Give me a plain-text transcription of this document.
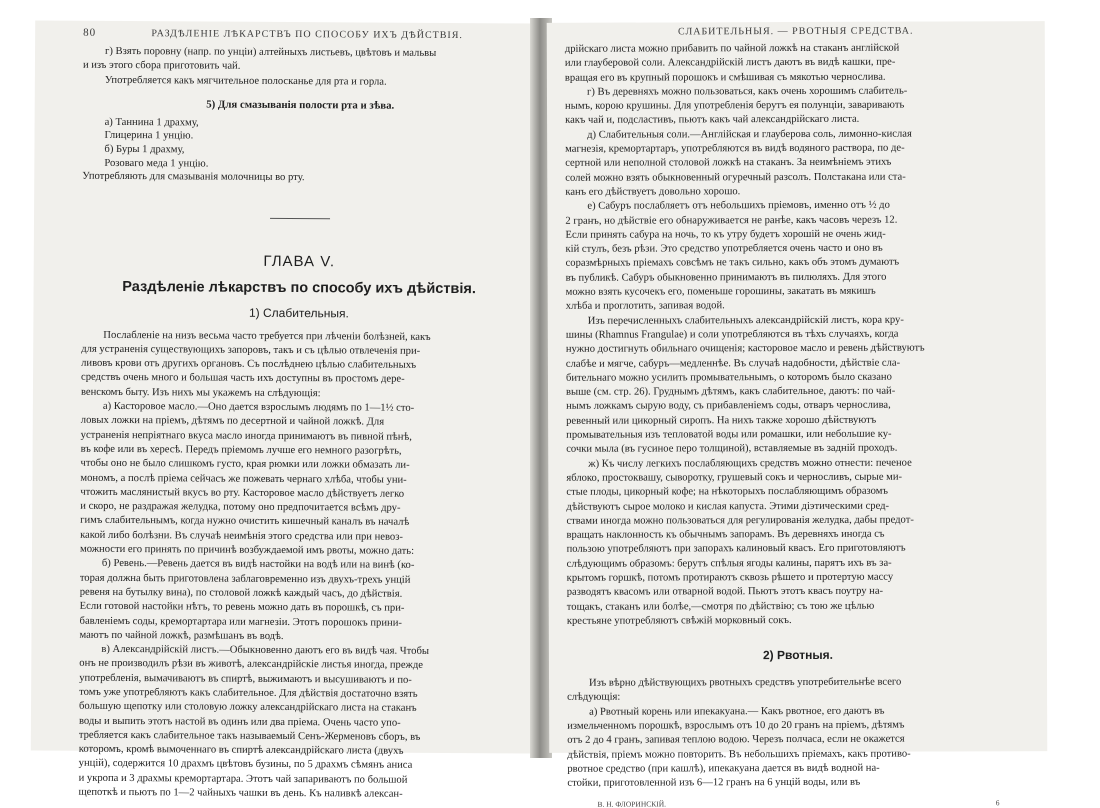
80	РАЗДѢЛЕНІЕ ЛѢКАРСТВЪ ПО СПОСОБУ ИХЪ ДѢЙСТВІЯ.

г) Взять поровну (напр. по унціи) алтейныхъ листьевъ, цвѣтовъ и мальвы

и изъ этого сбора приготовить чай.

Употребляется какъ мягчительное полосканье для рта и горла.

5) Для смазыванія полости рта и зѣва.
а) Таннина 1 драхму,
Глицерина 1 унцію.
б) Буры 1 драхму,
Розоваго меда 1 унцію.

Употребляють для смазыванія молочницы во рту.

ГЛАВА V.
Раздѣленіе лѣкарствъ по способу ихъ дѣйствія.
1) Слабительныя.

Послабленіе на низъ весьма часто требуется при лѣченіи болѣзней, какъ

для устраненія существующихъ запоровъ, такъ и съ цѣлью отвлеченія при-

ливовъ крови отъ другихъ органовъ. Съ послѣднею цѣлью слабительныхъ

средствъ очень много и большая часть ихъ доступны въ простомъ дере-

венскомъ быту. Изъ нихъ мы укажемъ на слѣдующія:

а) Касторовое масло.—Оно дается взрослымъ людямъ по 1—1½ сто-

ловых ложки на пріемъ, дѣтямъ по десертной и чайной ложкѣ. Для

устраненія непріятнаго вкуса масло иногда принимаютъ въ пивной пѣнѣ,

въ кофе или въ хересѣ. Передъ пріемомъ лучше его немного разогрѣть,

чтобы оно не было слишкомъ густо, края рюмки или ложки обмазать ли-

мономъ, а послѣ пріема сейчасъ же пожевать чернаго хлѣба, чтобы уни-

чтожить маслянистый вкусъ во рту. Касторовое масло дѣйствуетъ легко

и скоро, не раздражая желудка, потому оно предпочитается всѣмъ дру-

гимъ слабительнымъ, когда нужно очистить кишечный каналъ въ началѣ

какой либо болѣзни. Въ случаѣ неимѣнія этого средства или при невоз-

можности его принять по причинѣ возбуждаемой имъ рвоты, можно дать:

б) Ревень.—Ревень дается въ видѣ настойки на водѣ или на винѣ (ко-

торая должна быть приготовлена заблаговременно изъ двухъ-трехъ унцій

ревеня на бутылку вина), по столовой ложкѣ каждый часъ, до дѣйствія.

Если готовой настойки нѣтъ, то ревень можно дать въ порошкѣ, съ при-

бавленіемъ соды, кремортартара или магнезіи. Этотъ порошокъ прини-

маютъ по чайной ложкѣ, размѣшанъ въ водѣ.

в) Александрійскій листъ.—Обыкновенно даютъ его въ видѣ чая. Чтобы

онъ не производилъ рѣзи въ животѣ, александрійскіе листья иногда, прежде

употребленія, вымачиваютъ въ спиртѣ, выжимаютъ и высушиваютъ и по-

томъ уже употребляютъ какъ слабительное. Для дѣйствія достаточно взять

большую щепотку или столовую ложку александрійскаго листа на стаканъ

воды и выпить этотъ настой въ одинъ или два пріема. Очень часто упо-

требляется какъ слабительное такъ называемый Сенъ-Жерменовъ сборъ, въ

которомъ, кромѣ вымоченнаго въ спиртѣ александрійскаго листа (двухъ

унцій), содержится 10 драхмъ цвѣтовъ бузины, по 5 драхмъ сѣмянъ аниса

и укропа и 3 драхмы кремортартара. Этотъ чай запариваютъ по большой

щепоткѣ и пьютъ по 1—2 чайныхъ чашки въ день. Къ наливкѣ алексан-

СЛАБИТЕЛЬНЫЯ. — РВОТНЫЯ СРЕДСТВА.

дрійскаго листа можно прибавить по чайной ложкѣ на стаканъ англійской

или глауберовой соли. Александрійскій листъ даютъ въ видѣ кашки, пре-

вращая его въ крупный порошокъ и смѣшивая съ мякотью чернослива.

г) Въ деревняхъ можно пользоваться, какъ очень хорошимъ слабитель-

нымъ, корою крушины. Для употребленія берутъ ея полунціи, заваривають

какъ чай и, подсластивъ, пьютъ какъ чай александрійскаго листа.

д) Слабительныя соли.—Англійская и глауберова соль, лимонно-кислая

магнезія, кремортартаръ, употребляются въ видѣ водяного раствора, по де-

сертной или неполной столовой ложкѣ на стаканъ. За неимѣніемъ этихъ

солей можно взять обыкновенный огуречный разсолъ. Полстакана или ста-

канъ его дѣйствуетъ довольно хорошо.

е) Сабуръ послабляетъ отъ небольшихъ пріемовъ, именно отъ ½ до

2 гранъ, но дѣйствіе его обнаруживается не ранѣе, какъ часовъ черезъ 12.

Если принять сабура на ночь, то къ утру будетъ хорошій не очень жид-

кій стулъ, безъ рѣзи. Это средство употребляется очень часто и оно въ

соразмѣрныхъ пріемахъ совсѣмъ не такъ сильно, какъ объ этомъ думаютъ

въ публикѣ. Сабуръ обыкновенно принимаютъ въ пилюляхъ. Для этого

можно взять кусочекъ его, поменьше горошины, закатать въ мякишъ

хлѣба и проглотить, запивая водой.

Изъ перечисленныхъ слабительныхъ александрійскій листъ, кора кру-

шины (Rhamnus Frangulae) и соли употребляются въ тѣхъ случаяхъ, когда

нужно достигнуть обильнаго очищенія; касторовое масло и ревень дѣйствуютъ

слабѣе и мягче, сабуръ—медленнѣе. Въ случаѣ надобности, дѣйствіе сла-

бительнаго можно усилить промывательнымъ, о которомъ было сказано

выше (см. стр. 26). Груднымъ дѣтямъ, какъ слабительное, даютъ: по чай-

нымъ ложкамъ сырую воду, съ прибавленіемъ соды, отваръ чернослива,

ревенный или цикорный сиропъ. На нихъ также хорошо дѣйствуютъ

промывательныя изъ тепловатой воды или ромашки, или небольшие ку-

сочки мыла (въ гусиное перо толщиной), вставляемые въ задній проходъ.

ж) Къ числу легкихъ послабляющихъ средствъ можно отнести: печеное

яблоко, простоквашу, сыворотку, грушевый сокъ и черносливъ, сырые ми-

стые плоды, цикорный кофе; на нѣкоторыхъ послабляющимъ образомъ

дѣйствуютъ сырое молоко и кислая капуста. Этими діэтическими сред-

ствами иногда можно пользоваться для регулированія желудка, дабы предот-

вращать наклонность къ обычнымъ запорамъ. Въ деревняхъ иногда съ

пользою употребляютъ при запорахъ калиновый квасъ. Его приготовляютъ

слѣдующимъ образомъ: берутъ спѣлыя ягоды калины, парятъ ихъ въ за-

крытомъ горшкѣ, потомъ протираютъ сквозь рѣшето и протертую массу

разводятъ квасомъ или отварной водой. Пьютъ этотъ квасъ поутру на-

тощакъ, стаканъ или болѣе,—смотря по дѣйствію; съ тою же цѣлью

крестьяне употребляютъ свѣжій морковный сокъ.

2) Рвотныя.

Изъ вѣрно дѣйствующихъ рвотныхъ средствъ употребительнѣе всего

слѣдующія:

а) Рвотный корень или ипекакуана.— Какъ рвотное, его даютъ въ

измельченномъ порошкѣ, взрослымъ отъ 10 до 20 гранъ на пріемъ, дѣтямъ

отъ 2 до 4 гранъ, запивая теплою водою. Черезъ полчаса, если не окажется

дѣйствія, пріемъ можно повторить. Въ небольшихъ пріемахъ, какъ противо-

рвотное средство (при кашлѣ), ипекакуана дается въ видѣ водной на-

стойки, приготовленной изъ 6—12 гранъ на 6 унцій воды, или въ

В. Н. ФЛОРИНСКІЙ.	6
